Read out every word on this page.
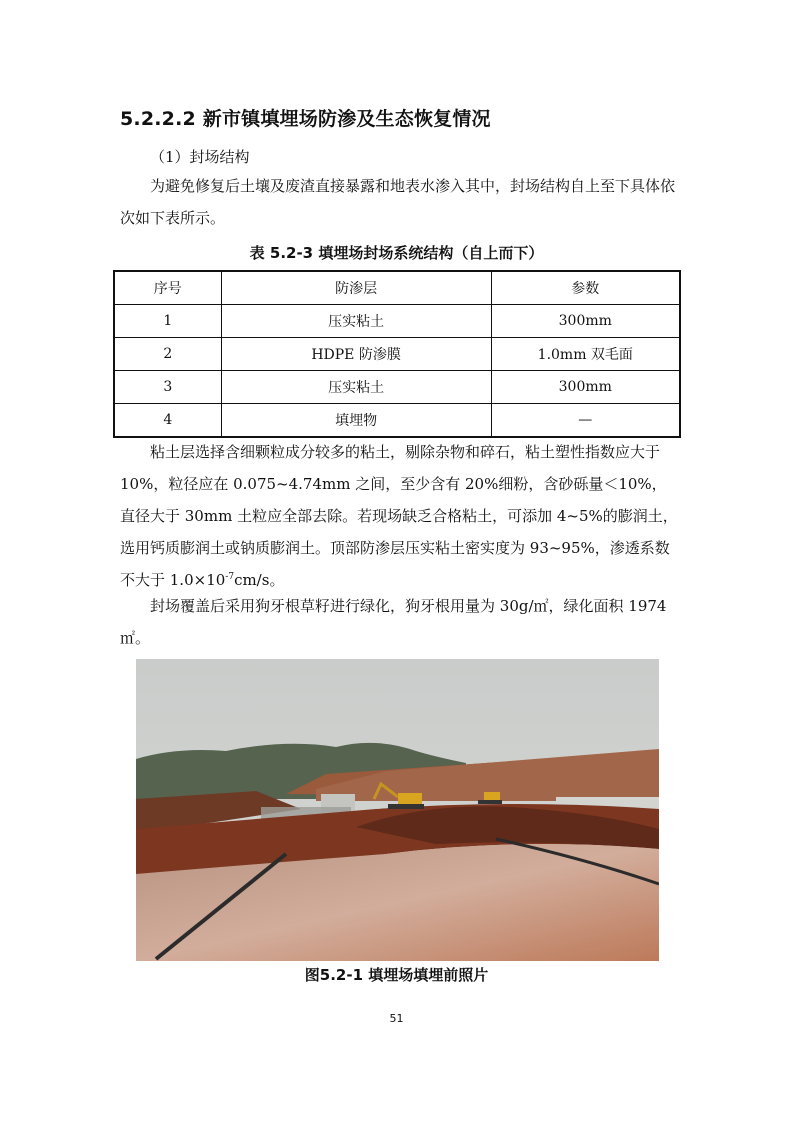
5.2.2.2 新市镇填埋场防渗及生态恢复情况
（1）封场结构
为避免修复后土壤及废渣直接暴露和地表水渗入其中，封场结构自上至下具体依次如下表所示。
表 5.2-3 填埋场封场系统结构（自上而下）
序号	防渗层	参数
1	压实粘土	300mm
2	HDPE 防渗膜	1.0mm 双毛面
3	压实粘土	300mm
4	填埋物	—
粘土层选择含细颗粒成分较多的粘土，剔除杂物和碎石，粘土塑性指数应大于 10%，粒径应在 0.075~4.74mm 之间，至少含有 20%细粉，含砂砾量＜10%，直径大于 30mm 土粒应全部去除。若现场缺乏合格粘土，可添加 4~5%的膨润土，选用钙质膨润土或钠质膨润土。顶部防渗层压实粘土密实度为 93~95%，渗透系数不大于 $1.0\times 10^{-7}cm/s$。
封场覆盖后采用狗牙根草籽进行绿化，狗牙根用量为 30g/㎡，绿化面积 1974㎡。
图5.2-1 填埋场填埋前照片
51
